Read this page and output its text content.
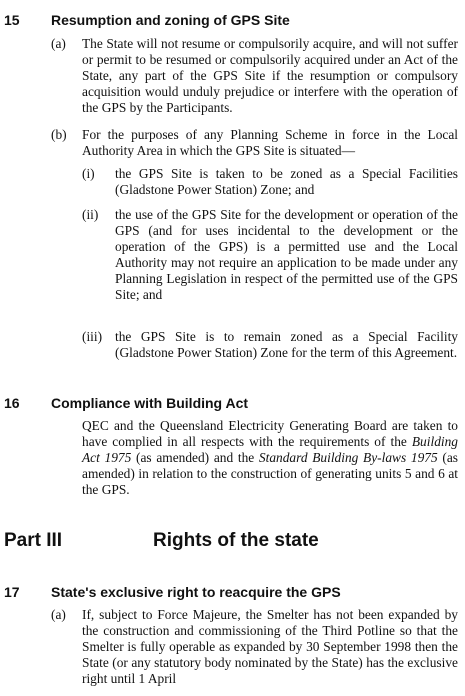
15 Resumption and zoning of GPS Site
(a) The State will not resume or compulsorily acquire, and will not suffer or permit to be resumed or compulsorily acquired under an Act of the State, any part of the GPS Site if the resumption or compulsory acquisition would unduly prejudice or interfere with the operation of the GPS by the Participants.
(b) For the purposes of any Planning Scheme in force in the Local Authority Area in which the GPS Site is situated—
(i) the GPS Site is taken to be zoned as a Special Facilities (Gladstone Power Station) Zone; and
(ii) the use of the GPS Site for the development or operation of the GPS (and for uses incidental to the development or the operation of the GPS) is a permitted use and the Local Authority may not require an application to be made under any Planning Legislation in respect of the permitted use of the GPS Site; and
(iii) the GPS Site is to remain zoned as a Special Facility (Gladstone Power Station) Zone for the term of this Agreement.
16 Compliance with Building Act
QEC and the Queensland Electricity Generating Board are taken to have complied in all respects with the requirements of the Building Act 1975 (as amended) and the Standard Building By-laws 1975 (as amended) in relation to the construction of generating units 5 and 6 at the GPS.
Part III	Rights of the state
17 State's exclusive right to reacquire the GPS
(a) If, subject to Force Majeure, the Smelter has not been expanded by the construction and commissioning of the Third Potline so that the Smelter is fully operable as expanded by 30 September 1998 then the State (or any statutory body nominated by the State) has the exclusive right until 1 April
